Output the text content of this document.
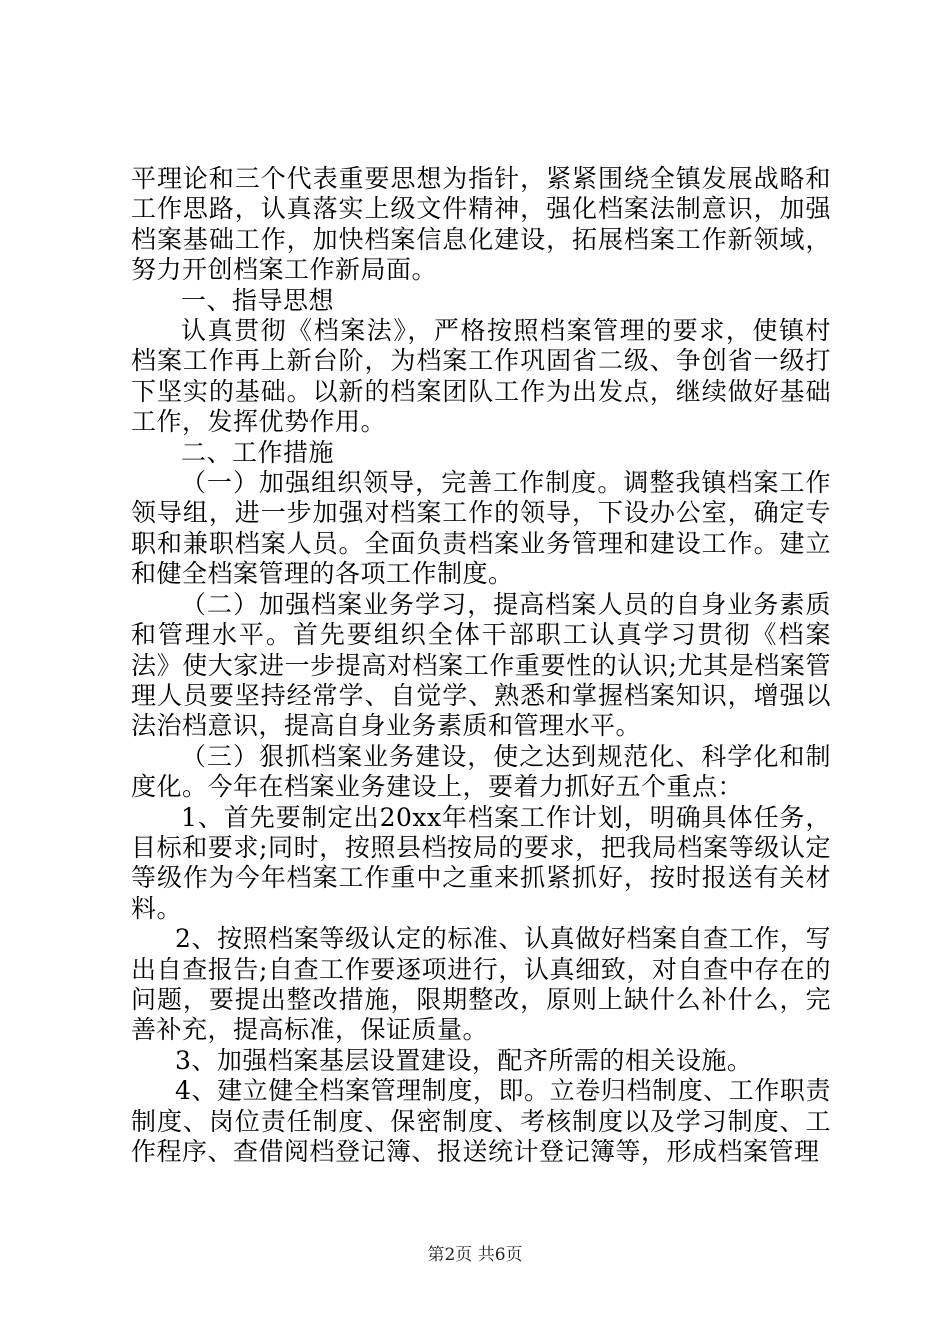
平理论和三个代表重要思想为指针，紧紧围绕全镇发展战略和工作思路，认真落实上级文件精神，强化档案法制意识，加强档案基础工作，加快档案信息化建设，拓展档案工作新领域，努力开创档案工作新局面。

一、指导思想

认真贯彻《档案法》，严格按照档案管理的要求，使镇村档案工作再上新台阶，为档案工作巩固省二级、争创省一级打下坚实的基础。以新的档案团队工作为出发点，继续做好基础工作，发挥优势作用。

二、工作措施

（一）加强组织领导，完善工作制度。调整我镇档案工作领导组，进一步加强对档案工作的领导，下设办公室，确定专职和兼职档案人员。全面负责档案业务管理和建设工作。建立和健全档案管理的各项工作制度。

（二）加强档案业务学习，提高档案人员的自身业务素质和管理水平。首先要组织全体干部职工认真学习贯彻《档案法》使大家进一步提高对档案工作重要性的认识;尤其是档案管理人员要坚持经常学、自觉学、熟悉和掌握档案知识，增强以法治档意识，提高自身业务素质和管理水平。

（三）狠抓档案业务建设，使之达到规范化、科学化和制度化。今年在档案业务建设上，要着力抓好五个重点：

1、首先要制定出20xx年档案工作计划，明确具体任务，目标和要求;同时，按照县档按局的要求，把我局档案等级认定等级作为今年档案工作重中之重来抓紧抓好，按时报送有关材料。

2、按照档案等级认定的标准、认真做好档案自查工作，写出自查报告;自查工作要逐项进行，认真细致，对自查中存在的问题，要提出整改措施，限期整改，原则上缺什么补什么，完善补充，提高标准，保证质量。

3、加强档案基层设置建设，配齐所需的相关设施。

4、建立健全档案管理制度，即。立卷归档制度、工作职责制度、岗位责任制度、保密制度、考核制度以及学习制度、工作程序、查借阅档登记簿、报送统计登记簿等，形成档案管理

第2页 共6页
